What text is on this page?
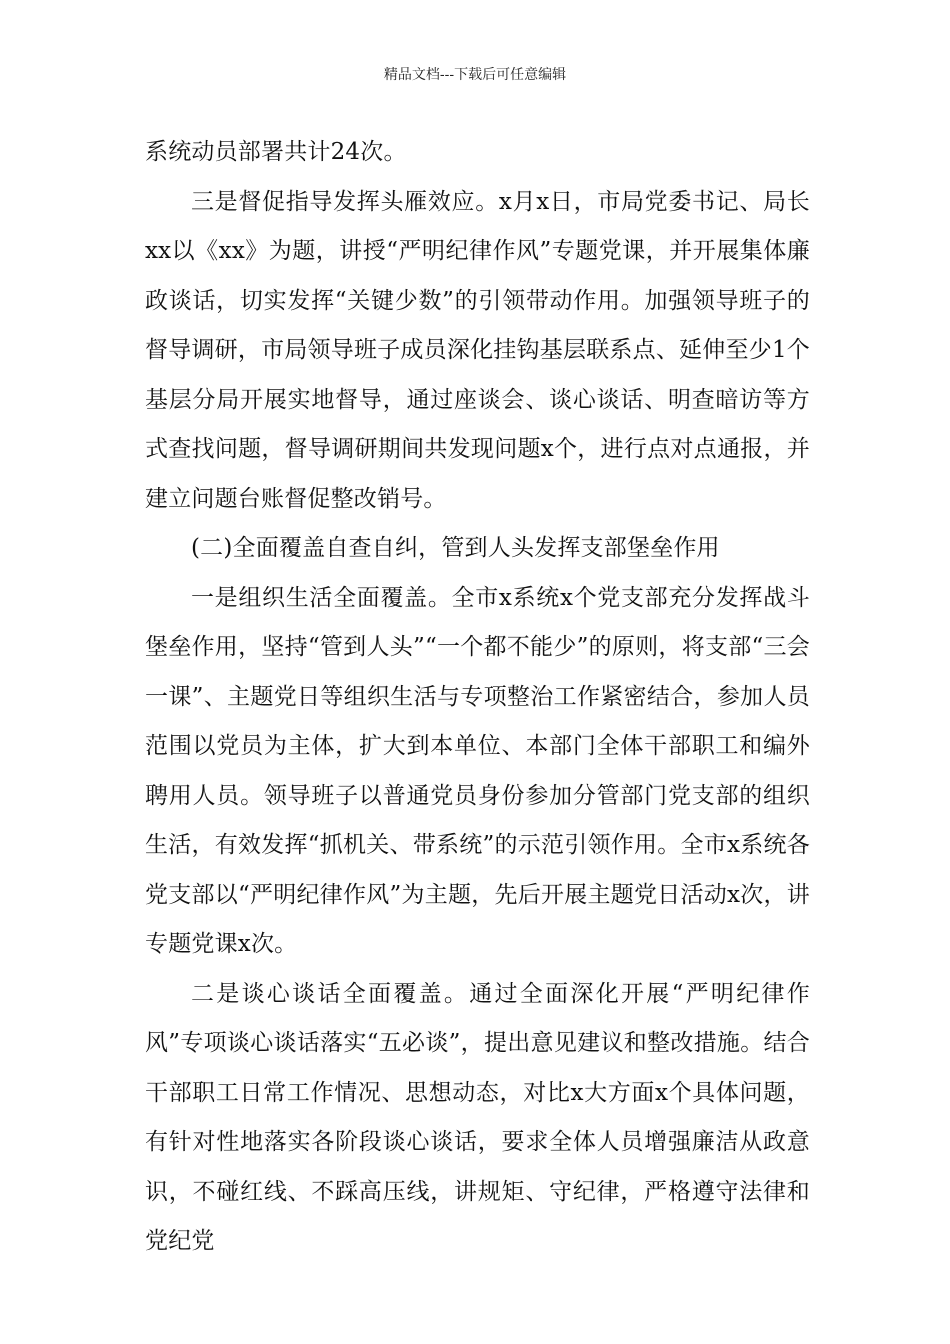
精品文档---下载后可任意编辑

系统动员部署共计24次。

三是督促指导发挥头雁效应。x月x日，市局党委书记、局长xx以《xx》为题，讲授“严明纪律作风”专题党课，并开展集体廉政谈话，切实发挥“关键少数”的引领带动作用。加强领导班子的督导调研，市局领导班子成员深化挂钩基层联系点、延伸至少1个基层分局开展实地督导，通过座谈会、谈心谈话、明查暗访等方式查找问题，督导调研期间共发现问题x个，进行点对点通报，并建立问题台账督促整改销号。

(二)全面覆盖自查自纠，管到人头发挥支部堡垒作用

一是组织生活全面覆盖。全市x系统x个党支部充分发挥战斗堡垒作用，坚持“管到人头”“一个都不能少”的原则，将支部“三会一课”、主题党日等组织生活与专项整治工作紧密结合，参加人员范围以党员为主体，扩大到本单位、本部门全体干部职工和编外聘用人员。领导班子以普通党员身份参加分管部门党支部的组织生活，有效发挥“抓机关、带系统”的示范引领作用。全市x系统各党支部以“严明纪律作风”为主题，先后开展主题党日活动x次，讲专题党课x次。

二是谈心谈话全面覆盖。通过全面深化开展“严明纪律作风”专项谈心谈话落实“五必谈”，提出意见建议和整改措施。结合干部职工日常工作情况、思想动态，对比x大方面x个具体问题，有针对性地落实各阶段谈心谈话，要求全体人员增强廉洁从政意识，不碰红线、不踩高压线，讲规矩、守纪律，严格遵守法律和党纪党
